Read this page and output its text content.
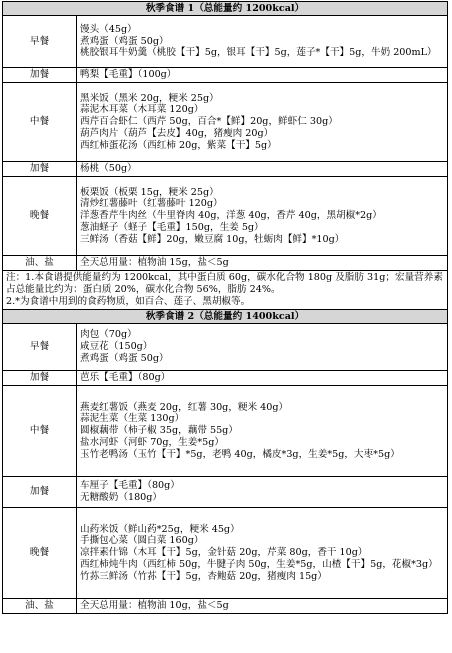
秋季食谱 1（总能量约 1200kcal）	
早餐	馒头（45g）
煮鸡蛋（鸡蛋 50g）
桃胶银耳牛奶羹（桃胶【干】5g，银耳【干】5g，莲子*【干】5g，牛奶 200mL）

加餐	鸭梨【毛重】（100g）

中餐	黑米饭（黑米 20g，粳米 25g）
蒜泥木耳菜（木耳菜 120g）
西芹百合虾仁（西芹 50g，百合*【鲜】20g，鲜虾仁 30g）
葫芦肉片（葫芦【去皮】40g，猪瘦肉 20g）
西红柿蛋花汤（西红柿 20g，紫菜【干】5g）

加餐	杨桃（50g）

晚餐	板栗饭（板栗 15g，粳米 25g）
清炒红薯藤叶（红薯藤叶 120g）
洋葱香芹牛肉丝（牛里脊肉 40g，洋葱 40g，香芹 40g，黑胡椒*2g）
葱油蛏子（蛏子【毛重】150g，生姜 5g）
三鲜汤（香菇【鲜】20g，嫩豆腐 10g，牡蛎肉【鲜】*10g）

油、盐	全天总用量：植物油 15g，盐＜5g

注：1.本食谱提供能量约为 1200kcal，其中蛋白质 60g，碳水化合物 180g 及脂肪 31g；宏量营养素占总能量比约为：蛋白质 20%，碳水化合物 56%，脂肪 24%。
2.*为食谱中用到的食药物质，如百合、莲子、黑胡椒等。	

秋季食谱 2（总能量约 1400kcal）	
早餐	肉包（70g）
咸豆花（150g）
煮鸡蛋（鸡蛋 50g）

加餐	芭乐【毛重】（80g）

中餐	燕麦红薯饭（燕麦 20g，红薯 30g，粳米 40g）
蒜泥生菜（生菜 130g）
圆椒藕带（柿子椒 35g，藕带 55g）
盐水河虾（河虾 70g，生姜*5g）
玉竹老鸭汤（玉竹【干】*5g，老鸭 40g，橘皮*3g，生姜*5g，大枣*5g）

加餐	车厘子【毛重】（80g）
无糖酸奶（180g）

晚餐	山药米饭（鲜山药*25g，粳米 45g）
手撕包心菜（圆白菜 160g）
凉拌素什锦（木耳【干】5g，金针菇 20g，芹菜 80g，香干 10g）
西红柿炖牛肉（西红柿 50g，牛腱子肉 50g，生姜*5g，山楂【干】5g，花椒*3g）
竹荪三鲜汤（竹荪【干】5g，杏鲍菇 20g，猪瘦肉 15g）

油、盐	全天总用量：植物油 10g，盐＜5g
